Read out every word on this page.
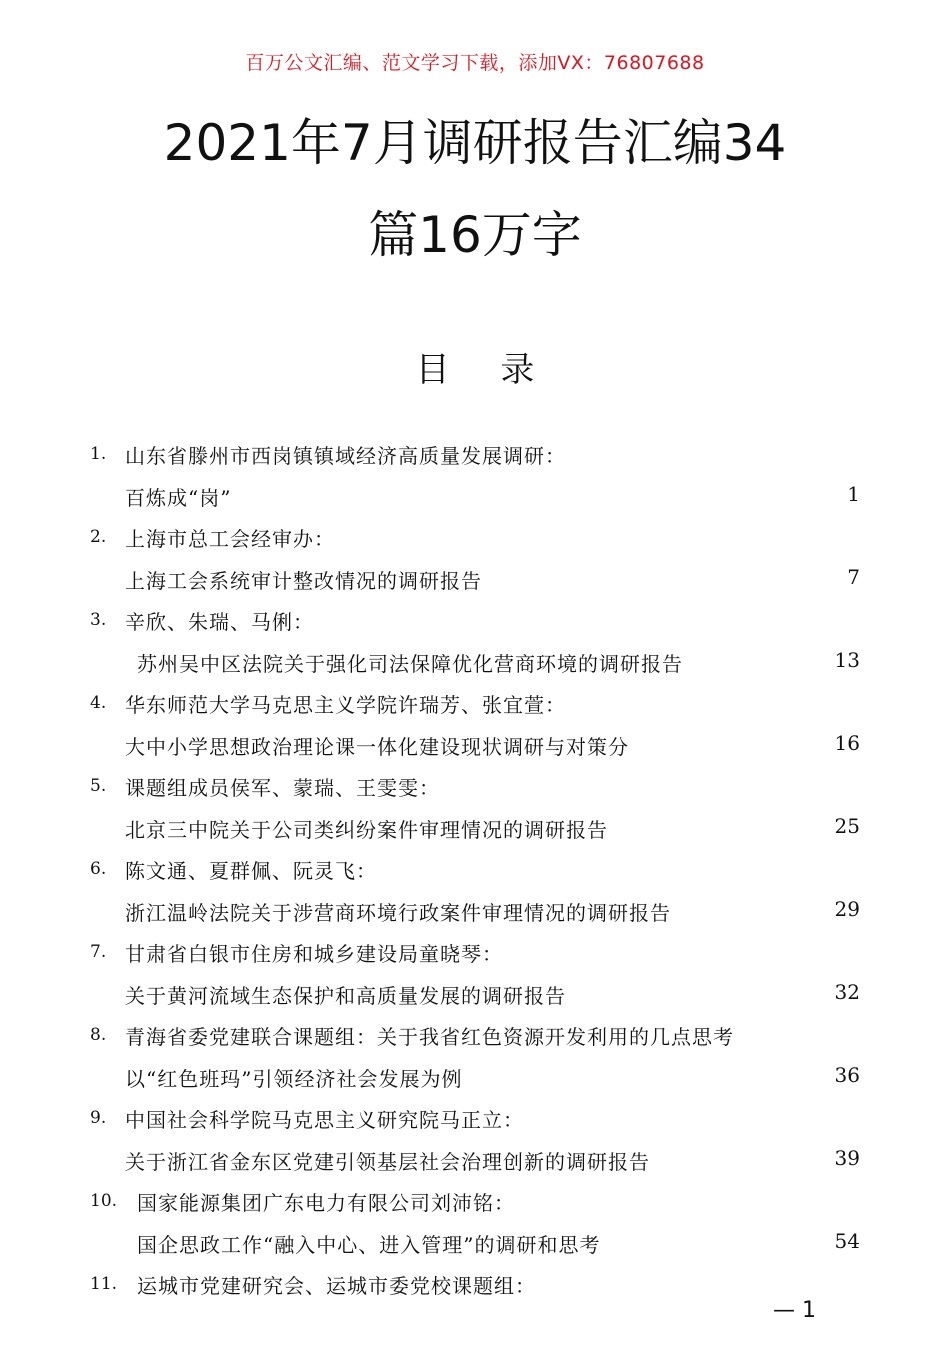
百万公文汇编、范文学习下载，添加VX：76807688
2021年7月调研报告汇编34
篇16万字
目 录
1. 山东省滕州市西岗镇镇域经济高质量发展调研：
百炼成“岗”	1
2. 上海市总工会经审办：
上海工会系统审计整改情况的调研报告	7
3. 辛欣、朱瑞、马俐：
苏州吴中区法院关于强化司法保障优化营商环境的调研报告	13
4. 华东师范大学马克思主义学院许瑞芳、张宜萱：
大中小学思想政治理论课一体化建设现状调研与对策分	16
5. 课题组成员侯军、蒙瑞、王雯雯：
北京三中院关于公司类纠纷案件审理情况的调研报告	25
6. 陈文通、夏群佩、阮灵飞：
浙江温岭法院关于涉营商环境行政案件审理情况的调研报告	29
7. 甘肃省白银市住房和城乡建设局童晓琴：
关于黄河流域生态保护和高质量发展的调研报告	32
8. 青海省委党建联合课题组：关于我省红色资源开发利用的几点思考
以“红色班玛”引领经济社会发展为例	36
9. 中国社会科学院马克思主义研究院马正立：
关于浙江省金东区党建引领基层社会治理创新的调研报告	39
10. 国家能源集团广东电力有限公司刘沛铭：
国企思政工作“融入中心、进入管理”的调研和思考	54
11. 运城市党建研究会、运城市委党校课题组：
— 1
